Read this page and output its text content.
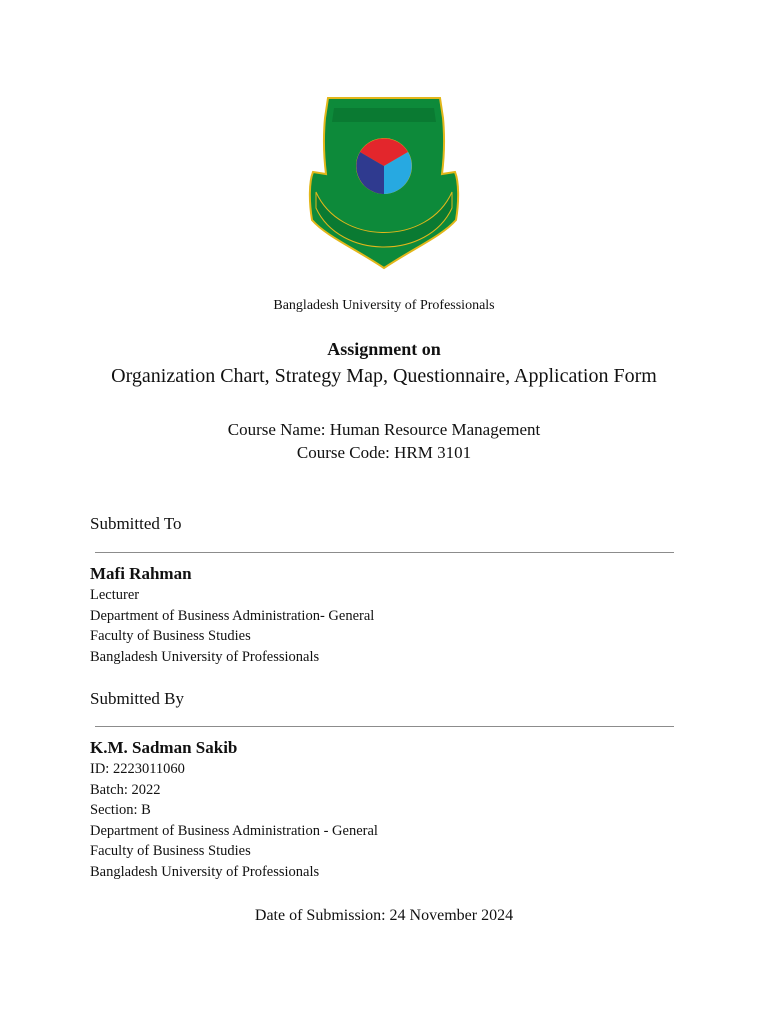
Bangladesh University of Professionals
Assignment on
Organization Chart, Strategy Map, Questionnaire, Application Form
Course Name: Human Resource Management
Course Code: HRM 3101
Submitted To
Mafi Rahman
Lecturer
Department of Business Administration- General
Faculty of Business Studies
Bangladesh University of Professionals
Submitted By
K.M. Sadman Sakib
ID: 2223011060
Batch: 2022
Section: B
Department of Business Administration - General
Faculty of Business Studies
Bangladesh University of Professionals
Date of Submission: 24 November 2024
